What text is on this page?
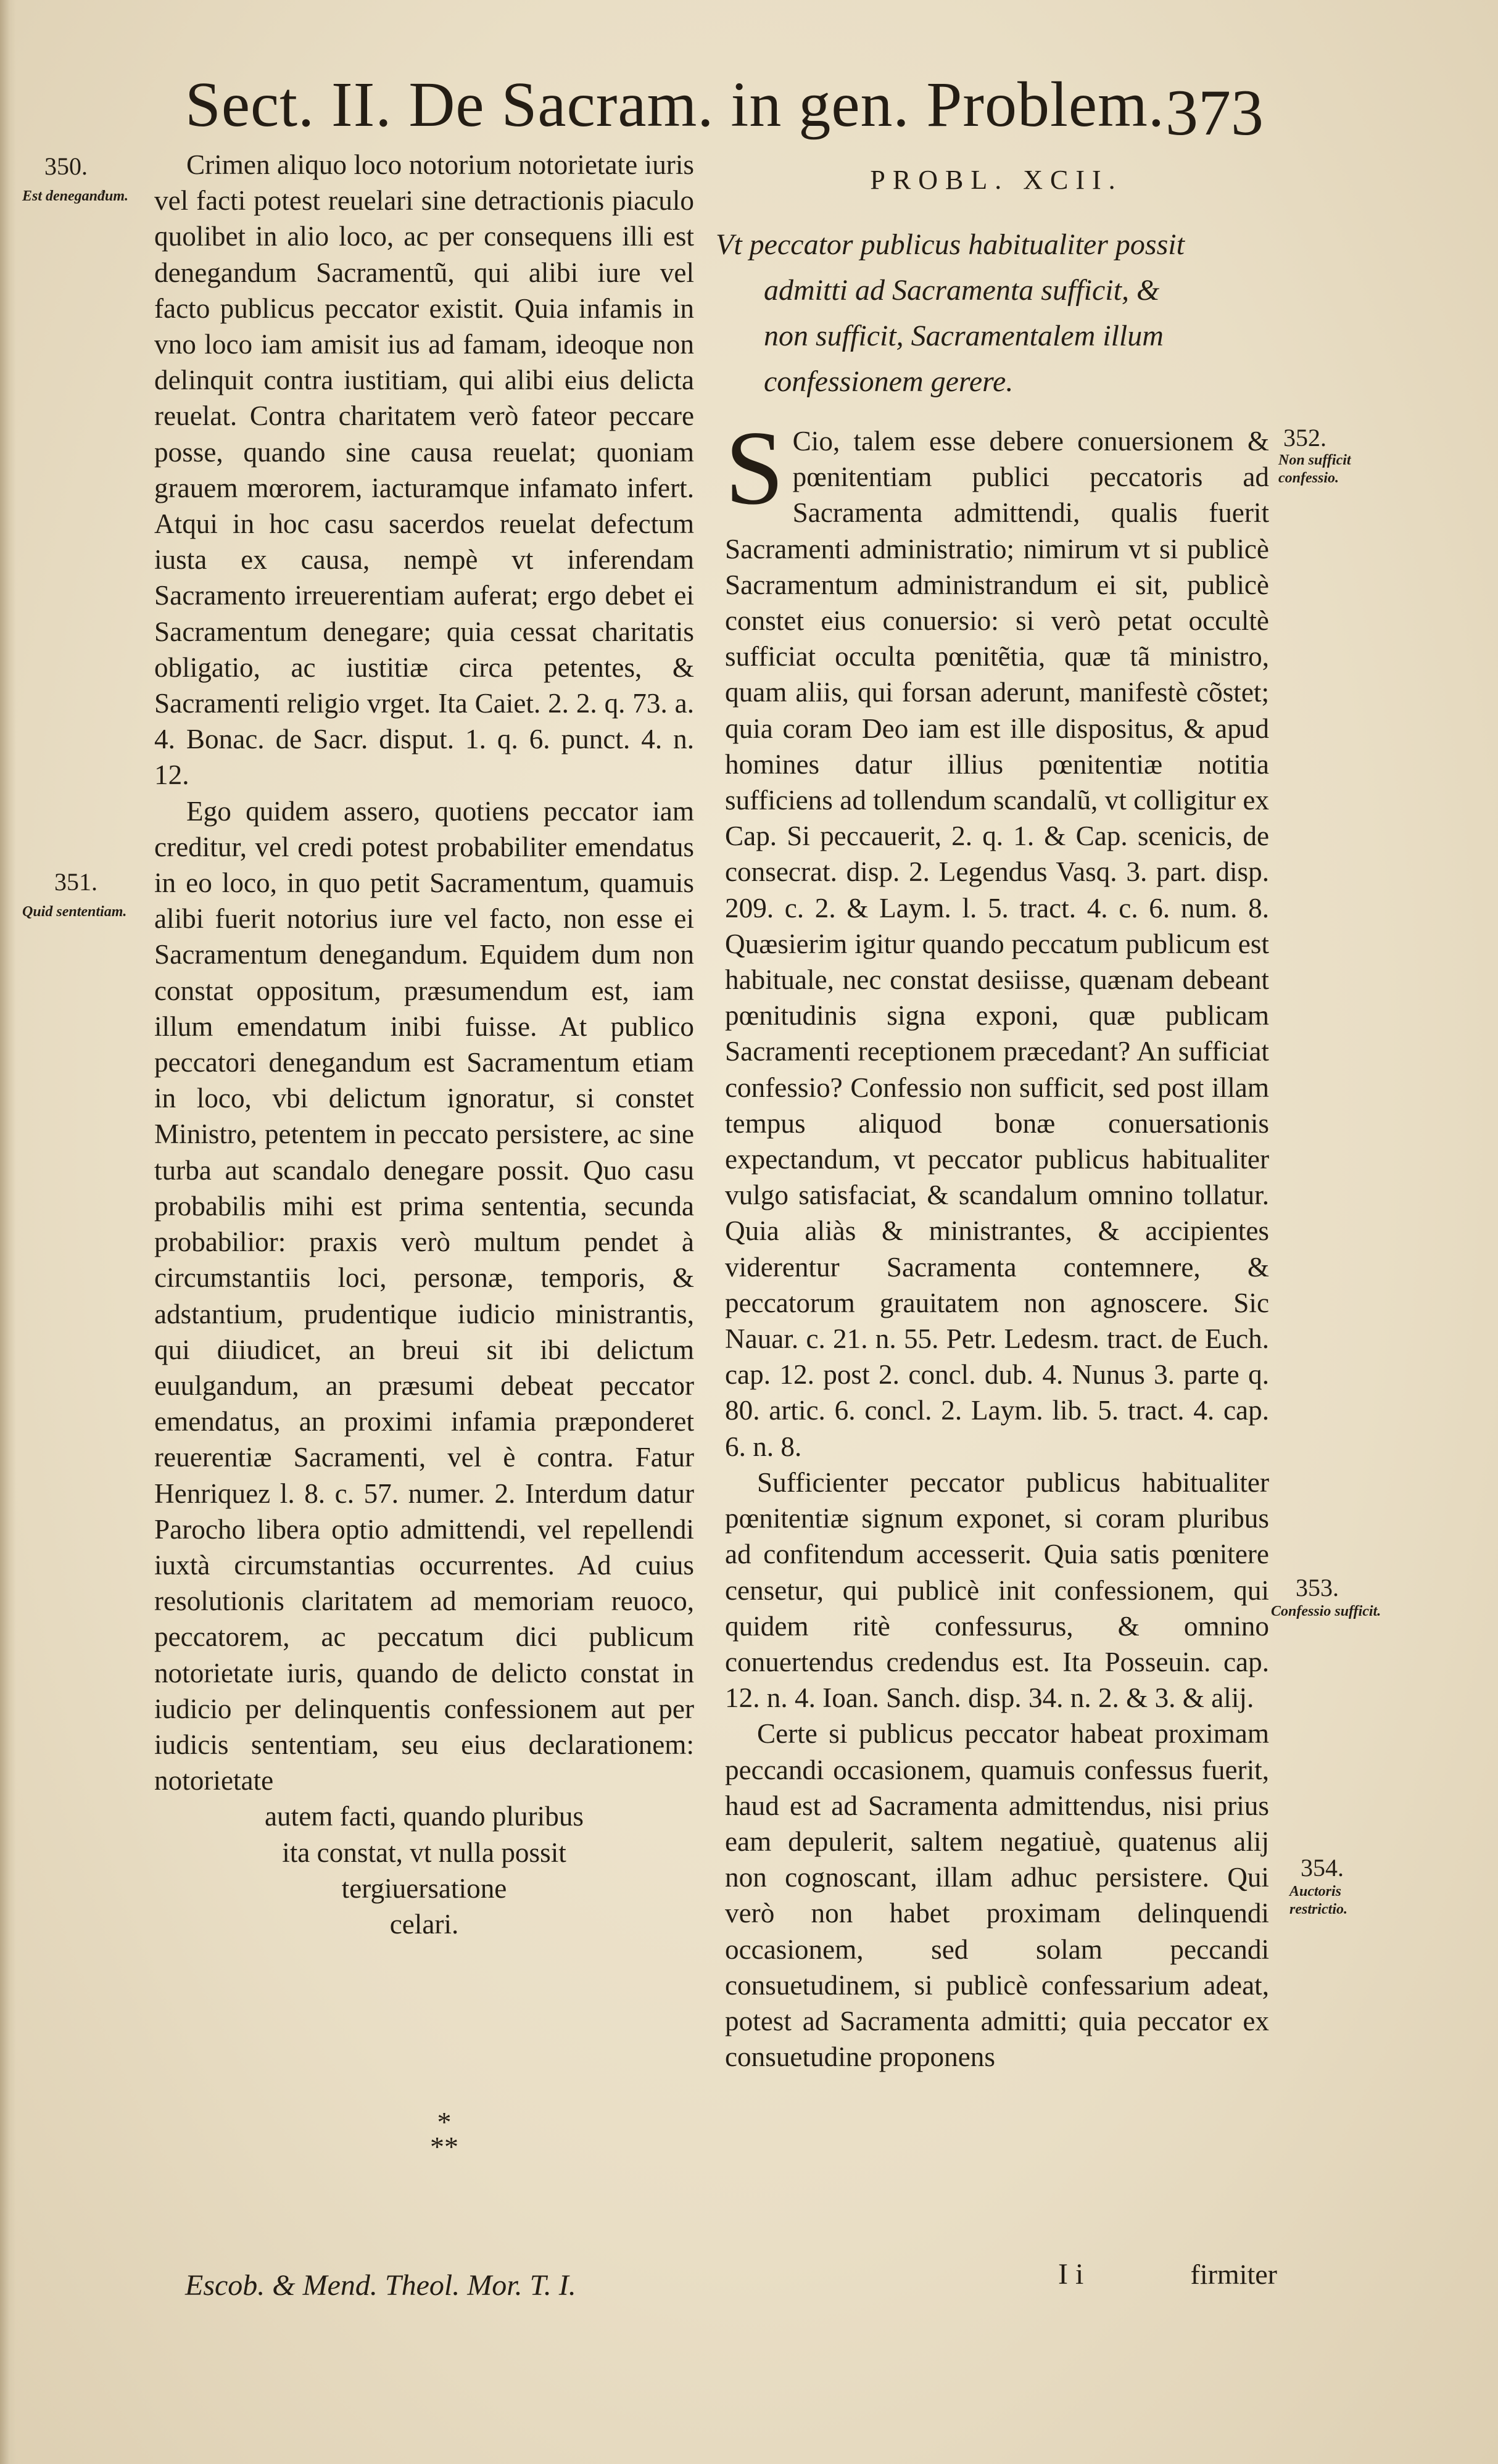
Sect. II. De Sacram. in gen. Problem. 373
350.
Est deneganđum.
351.
Quid sententiam.
352.
Non sufficit confessio.
353.
Confessio sufficit.
354.
Auctoris restrictio.

Crimen aliquo loco notorium notorietate iuris vel facti potest reuelari sine detractionis piaculo quolibet in alio loco, ac per consequens illi est denegandum Sacramentũ, qui alibi iure vel facto publicus peccator existit. Quia infamis in vno loco iam amisit ius ad famam, ideoque non delinquit contra iustitiam, qui alibi eius delicta reuelat. Contra charitatem verò fateor peccare posse, quando sine causa reuelat; quoniam grauem mœrorem, iacturamque infamato infert. Atqui in hoc casu sacerdos reuelat defectum iusta ex causa, nempè vt inferendam Sacramento irreuerentiam auferat; ergo debet ei Sacramentum denegare; quia cessat charitatis obligatio, ac iustitiæ circa petentes, & Sacramenti religio vrget. Ita Caiet. 2. 2. q. 73. a. 4. Bonac. de Sacr. disput. 1. q. 6. punct. 4. n. 12.

Ego quidem assero, quotiens peccator iam creditur, vel credi potest probabiliter emendatus in eo loco, in quo petit Sacramentum, quamuis alibi fuerit notorius iure vel facto, non esse ei Sacramentum denegandum. Equidem dum non constat oppositum, præsumendum est, iam illum emendatum inibi fuisse. At publico peccatori denegandum est Sacramentum etiam in loco, vbi delictum ignoratur, si constet Ministro, petentem in peccato persistere, ac sine turba aut scandalo denegare possit. Quo casu probabilis mihi est prima sententia, secunda probabilior: praxis verò multum pendet à circumstantiis loci, personæ, temporis, & adstantium, prudentique iudicio ministrantis, qui diiudicet, an breui sit ibi delictum euulgandum, an præsumi debeat peccator emendatus, an proximi infamia præponderet reuerentiæ Sacramenti, vel è contra. Fatur Henriquez l. 8. c. 57. numer. 2. Interdum datur Parocho libera optio admittendi, vel repellendi iuxtà circumstantias occurrentes. Ad cuius resolutionis claritatem ad memoriam reuoco, peccatorem, ac peccatum dici publicum notorietate iuris, quando de delicto constat in iudicio per delinquentis confessionem aut per iudicis sententiam, seu eius declarationem: notorietate

autem facti, quando pluribus
ita constat, vt nulla possit
tergiuersatione
celari.
*
**
PROBL. XCII.
Vt peccator publicus habitualiter possit
admitti ad Sacramenta sufficit, &
non sufficit, Sacramentalem illum
confessionem gerere.
S Cio, talem esse debere conuersionem & pœnitentiam publici peccatoris ad Sacramenta admittendi, qualis fuerit Sacramenti administratio; nimirum vt si publicè Sacramentum administrandum ei sit, publicè constet eius conuersio: si verò petat occultè sufficiat occulta pœnitẽtia, quæ tã ministro, quam aliis, qui forsan aderunt, manifestè cõstet; quia coram Deo iam est ille dispositus, & apud homines datur illius pœnitentiæ notitia sufficiens ad tollendum scandalũ, vt colligitur ex Cap. Si peccauerit, 2. q. 1. & Cap. scenicis, de consecrat. disp. 2. Legendus Vasq. 3. part. disp. 209. c. 2. & Laym. l. 5. tract. 4. c. 6. num. 8. Quæsierim igitur quando peccatum publicum est habituale, nec constat desiisse, quænam debeant pœnitudinis signa exponi, quæ publicam Sacramenti receptionem præcedant? An sufficiat confessio? Confessio non sufficit, sed post illam tempus aliquod bonæ conuersationis expectandum, vt peccator publicus habitualiter vulgo satisfaciat, & scandalum omnino tollatur. Quia aliàs & ministrantes, & accipientes viderentur Sacramenta contemnere, & peccatorum grauitatem non agnoscere. Sic Nauar. c. 21. n. 55. Petr. Ledesm. tract. de Euch. cap. 12. post 2. concl. dub. 4. Nunus 3. parte q. 80. artic. 6. concl. 2. Laym. lib. 5. tract. 4. cap. 6. n. 8.

Sufficienter peccator publicus habitualiter pœnitentiæ signum exponet, si coram pluribus ad confitendum accesserit. Quia satis pœnitere censetur, qui publicè init confessionem, qui quidem ritè confessurus, & omnino conuertendus credendus est. Ita Posseuin. cap. 12. n. 4. Ioan. Sanch. disp. 34. n. 2. & 3. & alij.

Certe si publicus peccator habeat proximam peccandi occasionem, quamuis confessus fuerit, haud est ad Sacramenta admittendus, nisi prius eam depulerit, saltem negatiuè, quatenus alij non cognoscant, illam adhuc persistere. Qui verò non habet proximam delinquendi occasionem, sed solam peccandi consuetudinem, si publicè confessarium adeat, potest ad Sacramenta admitti; quia peccator ex consuetudine proponens

Escob. & Mend. Theol. Mor. T. I.	I i	firmiter
